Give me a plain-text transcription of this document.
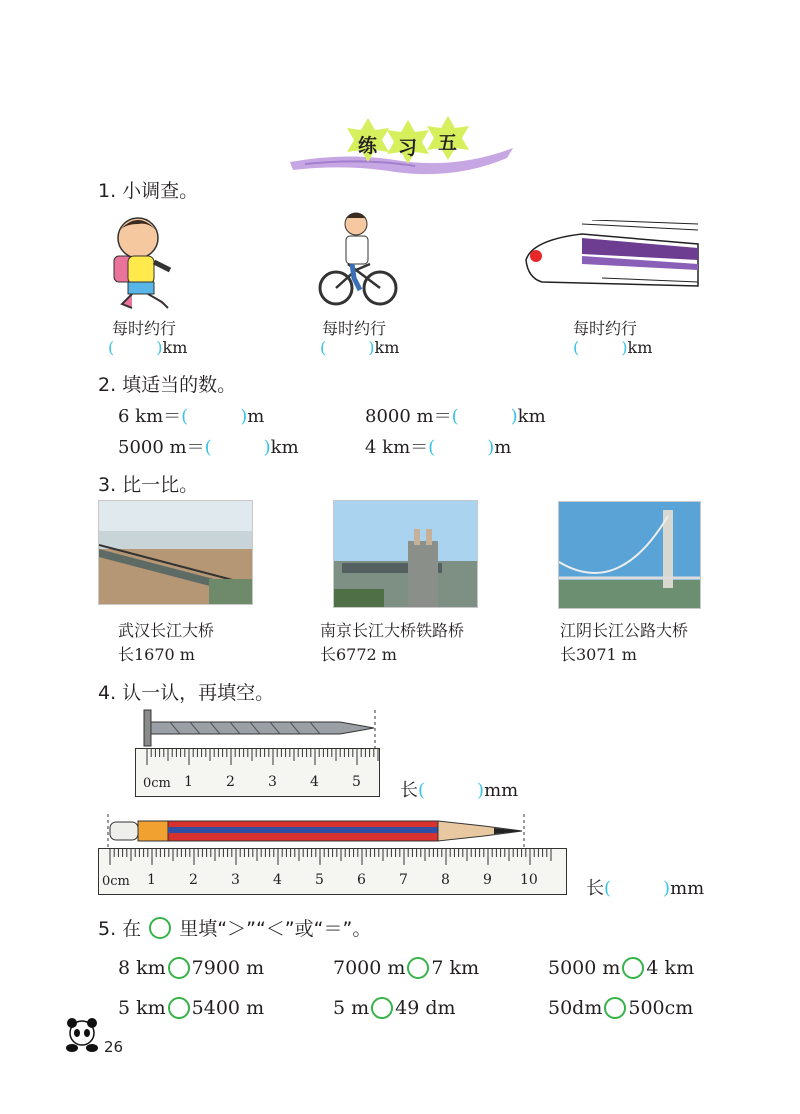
练 习 五
1. 小调查。
每时约行
(	)km
每时约行
(	)km
每时约行
(	)km
2. 填适当的数。
6 km＝(	)m	8000 m＝(	)km
5000 m＝(	)km	4 km＝(	)m
3. 比一比。
武汉长江大桥
长1670 m
南京长江大桥铁路桥
长6772 m
江阴长江公路大桥
长3071 m
4. 认一认，再填空。
0cm 1 2 3 4 5 长(	)mm
0cm 1 2 3 4 5 6 7 8 9 10	长(	)mm
5. 在 里填“＞”“＜”或“＝”。
8 km 7900 m	7000 m 7 km	5000 m 4 km
5 km 5400 m	5 m 49 dm	50dm 500cm
26
